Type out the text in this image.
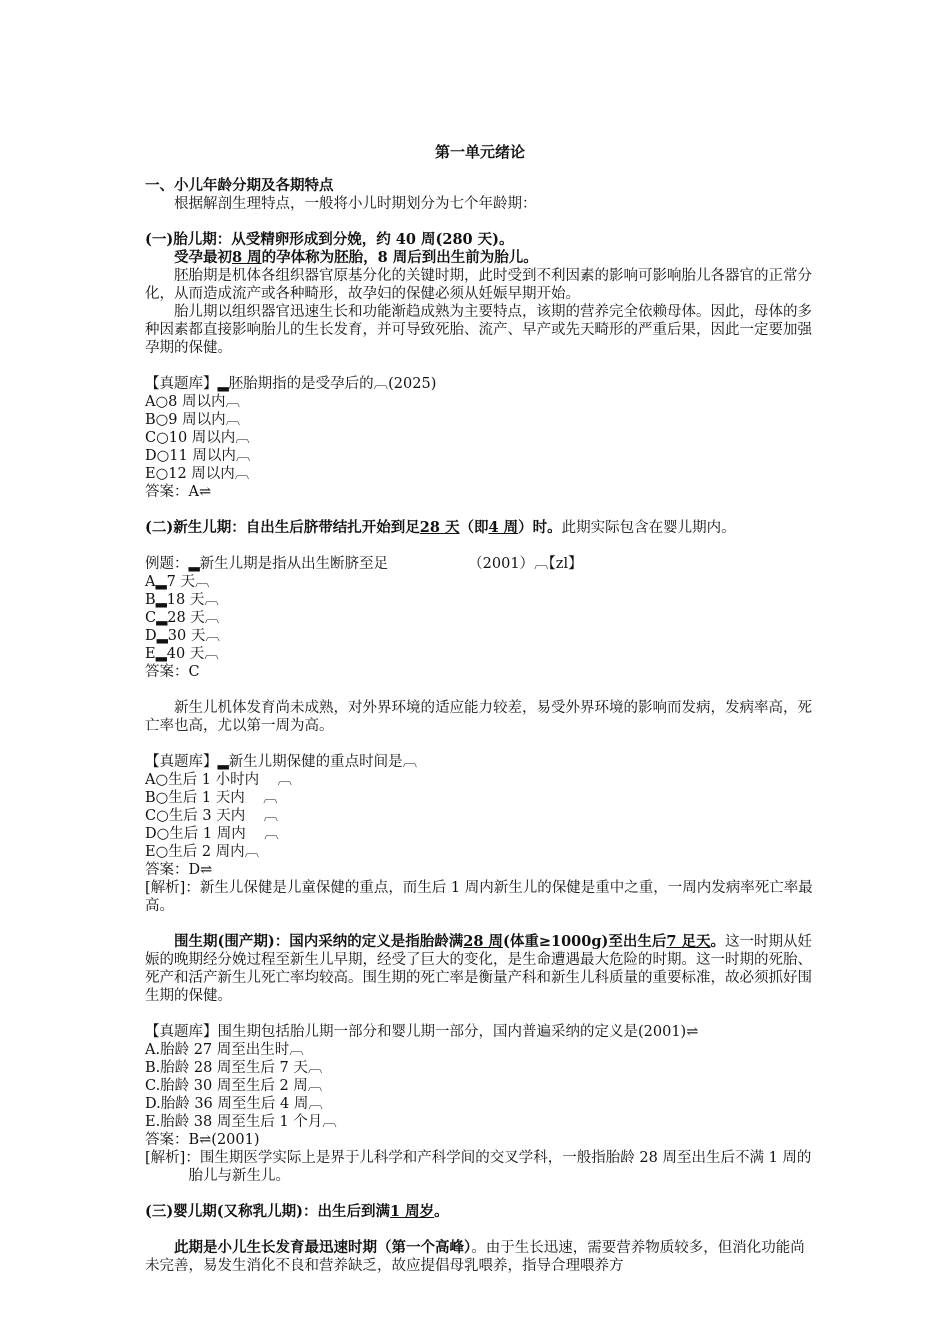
第一单元绪论

一、小儿年龄分期及各期特点

根据解剖生理特点，一般将小儿时期划分为七个年龄期：

(一)胎儿期：从受精卵形成到分娩，约 40 周(280 天)。

受孕最初8 周的孕体称为胚胎，8 周后到出生前为胎儿。

胚胎期是机体各组织器官原基分化的关键时期，此时受到不利因素的影响可影响胎儿各器官的正常分化，从而造成流产或各种畸形，故孕妇的保健必须从妊娠早期开始。

胎儿期以组织器官迅速生长和功能渐趋成熟为主要特点，该期的营养完全依赖母体。因此，母体的多种因素都直接影响胎儿的生长发育，并可导致死胎、流产、早产或先天畸形的严重后果，因此一定要加强孕期的保健。

【真题库】▂胚胎期指的是受孕后的︹(2025)

A○8 周以内︹

B○9 周以内︹

C○10 周以内︹

D○11 周以内︹

E○12 周以内︹

答案：A⇌

(二)新生儿期：自出生后脐带结扎开始到足28 天（即4 周）时。此期实际包含在婴儿期内。

例题：▂新生儿期是指从出生断脐至足	（2001）︹【zl】

A▂7 天︹

B▂18 天︹

C▂28 天︹

D▂30 天︹

E▂40 天︹

答案：C

新生儿机体发育尚未成熟，对外界环境的适应能力较差，易受外界环境的影响而发病，发病率高，死亡率也高，尤以第一周为高。

【真题库】▂新生儿期保健的重点时间是︹

A○生后 1 小时内    ︹

B○生后 1 天内    ︹

C○生后 3 天内    ︹

D○生后 1 周内    ︹

E○生后 2 周内︹

答案：D⇌

[解析]：新生儿保健是儿童保健的重点，而生后 1 周内新生儿的保健是重中之重，一周内发病率死亡率最高。

围生期(围产期)：国内采纳的定义是指胎龄满28 周(体重≥1000g)至出生后7 足天。这一时期从妊娠的晚期经分娩过程至新生儿早期，经受了巨大的变化，是生命遭遇最大危险的时期。这一时期的死胎、死产和活产新生儿死亡率均较高。围生期的死亡率是衡量产科和新生儿科质量的重要标准，故必须抓好围生期的保健。

【真题库】围生期包括胎儿期一部分和婴儿期一部分，国内普遍采纳的定义是(2001)⇌

A.胎龄 27 周至出生时︹

B.胎龄 28 周至生后 7 天︹

C.胎龄 30 周至生后 2 周︹

D.胎龄 36 周至生后 4 周︹

E.胎龄 38 周至生后 1 个月︹

答案：B⇌(2001)

[解析]：围生期医学实际上是界于儿科学和产科学间的交叉学科，一般指胎龄 28 周至出生后不满 1 周的胎儿与新生儿。

(三)婴儿期(又称乳儿期)：出生后到满1 周岁。

此期是小儿生长发育最迅速时期（第一个高峰）。由于生长迅速，需要营养物质较多，但消化功能尚未完善，易发生消化不良和营养缺乏，故应提倡母乳喂养，指导合理喂养方
